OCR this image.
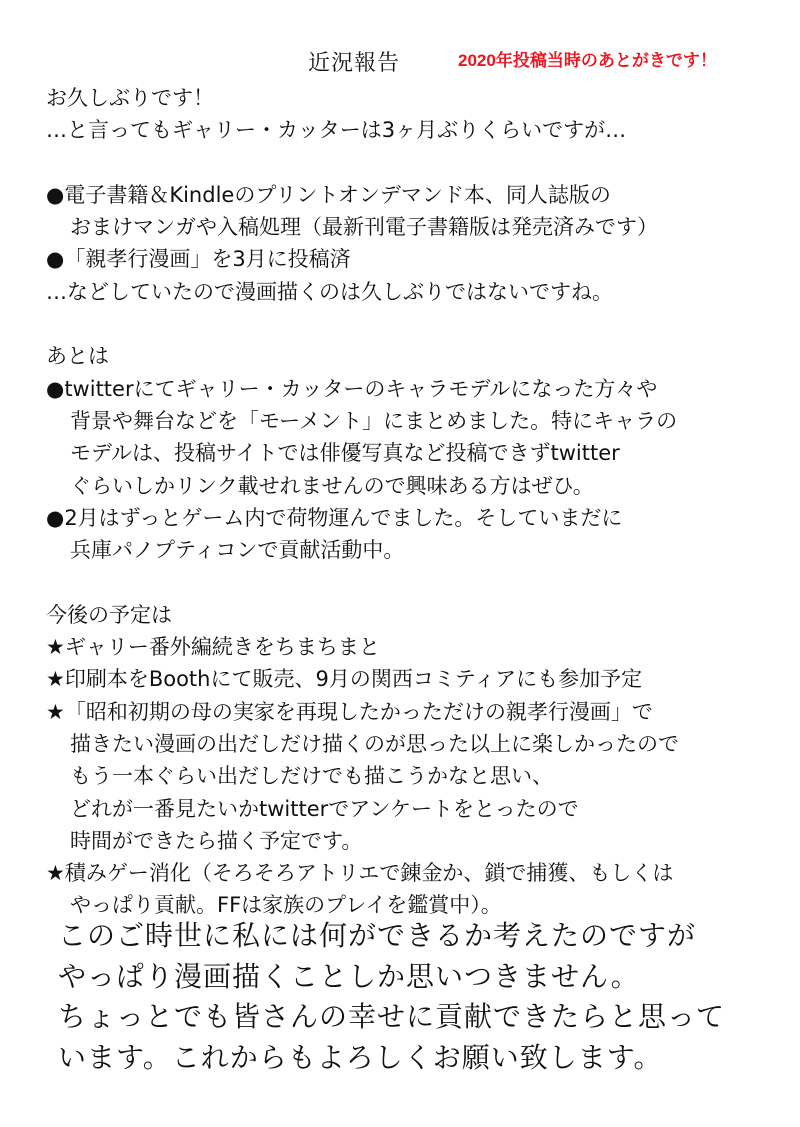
近況報告	2020年投稿当時のあとがきです！
お久しぶりです！
…と言ってもギャリー・カッターは3ヶ月ぶりくらいですが…
●電子書籍＆Kindleのプリントオンデマンド本、同人誌版の
おまけマンガや入稿処理（最新刊電子書籍版は発売済みです）
●「親孝行漫画」を3月に投稿済
…などしていたので漫画描くのは久しぶりではないですね。
あとは
●twitterにてギャリー・カッターのキャラモデルになった方々や
背景や舞台などを「モーメント」にまとめました。特にキャラの
モデルは、投稿サイトでは俳優写真など投稿できずtwitter
ぐらいしかリンク載せれませんので興味ある方はぜひ。
●2月はずっとゲーム内で荷物運んでました。そしていまだに
兵庫パノプティコンで貢献活動中。
今後の予定は
★ギャリー番外編続きをちまちまと
★印刷本をBoothにて販売、9月の関西コミティアにも参加予定
★「昭和初期の母の実家を再現したかっただけの親孝行漫画」で
描きたい漫画の出だしだけ描くのが思った以上に楽しかったので
もう一本ぐらい出だしだけでも描こうかなと思い、
どれが一番見たいかtwitterでアンケートをとったので
時間ができたら描く予定です。
★積みゲー消化（そろそろアトリエで錬金か、鎖で捕獲、もしくは
やっぱり貢献。FFは家族のプレイを鑑賞中）。
このご時世に私には何ができるか考えたのですが
やっぱり漫画描くことしか思いつきません。
ちょっとでも皆さんの幸せに貢献できたらと思って
います。これからもよろしくお願い致します。
